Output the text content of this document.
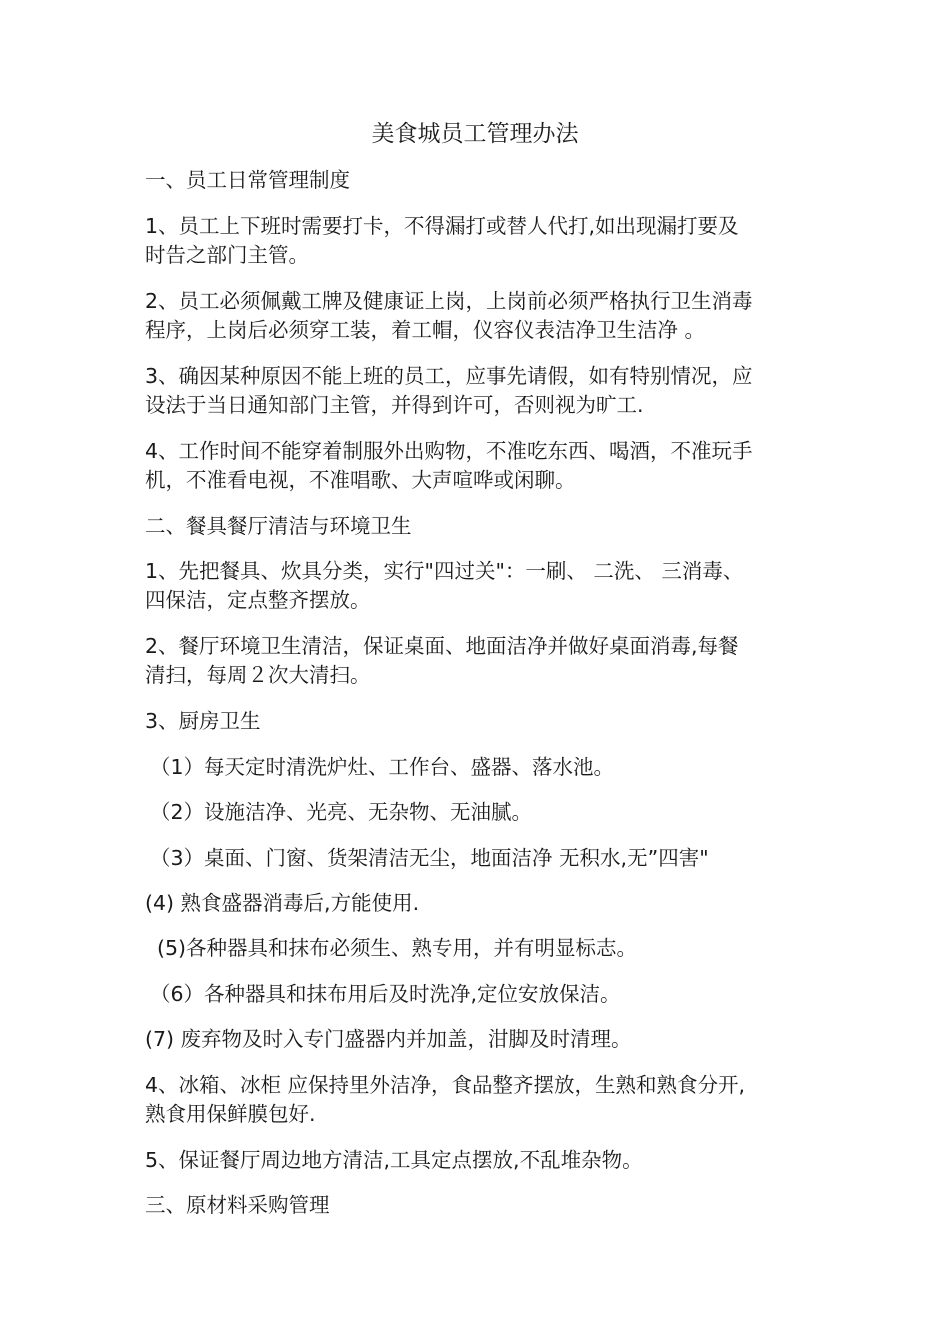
美食城员工管理办法
一、员工日常管理制度
1、员工上下班时需要打卡，不得漏打或替人代打,如出现漏打要及
时告之部门主管。
2、员工必须佩戴工牌及健康证上岗，上岗前必须严格执行卫生消毒
程序，上岗后必须穿工装，着工帽，仪容仪表洁净卫生洁净 。
3、确因某种原因不能上班的员工，应事先请假，如有特别情况，应
设法于当日通知部门主管，并得到许可，否则视为旷工.
4、工作时间不能穿着制服外出购物，不准吃东西、喝酒，不准玩手
机，不准看电视，不准唱歌、大声喧哗或闲聊。
二、餐具餐厅清洁与环境卫生
1、先把餐具、炊具分类，实行"四过关"：一刷、 二洗、 三消毒、
四保洁，定点整齐摆放。
2、餐厅环境卫生清洁，保证桌面、地面洁净并做好桌面消毒,每餐
清扫，每周２次大清扫。
3、厨房卫生
（1）每天定时清洗炉灶、工作台、盛器、落水池。
（2）设施洁净、光亮、无杂物、无油腻。
（3）桌面、门窗、货架清洁无尘，地面洁净 无积水,无”四害"
(4) 熟食盛器消毒后,方能使用.
(5)各种器具和抹布必须生、熟专用，并有明显标志。
（6）各种器具和抹布用后及时洗净,定位安放保洁。
(7) 废弃物及时入专门盛器内并加盖，泔脚及时清理。
4、冰箱、冰柜 应保持里外洁净，食品整齐摆放，生熟和熟食分开,
熟食用保鲜膜包好.
5、保证餐厅周边地方清洁,工具定点摆放,不乱堆杂物。
三、原材料采购管理
